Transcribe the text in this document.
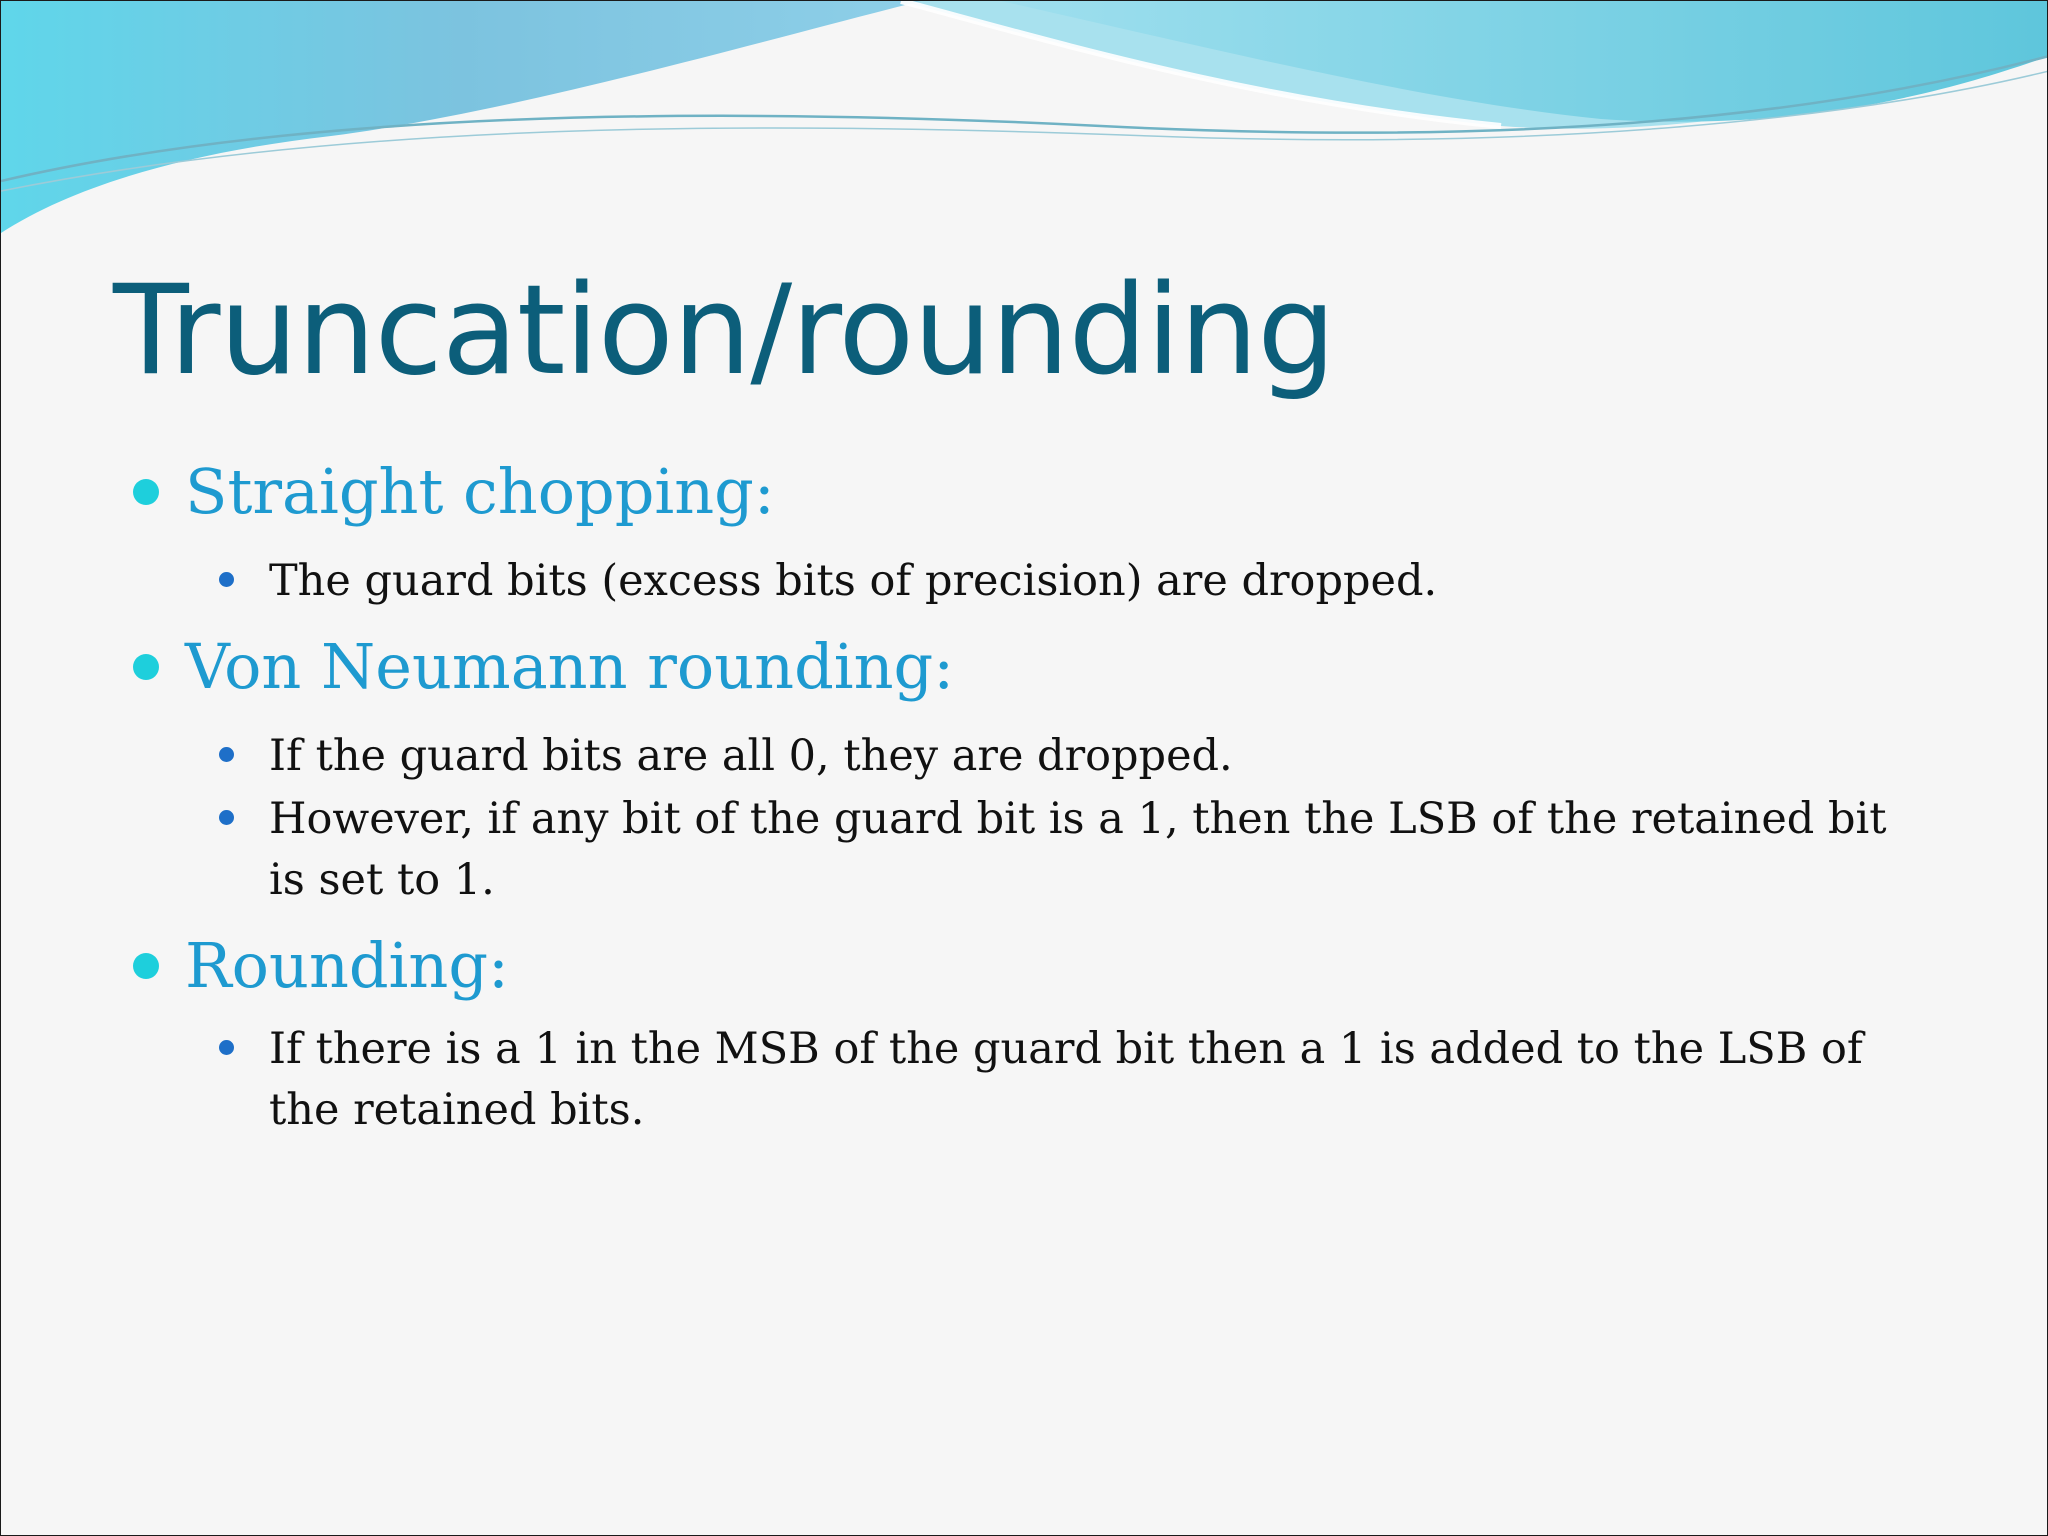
Truncation/rounding
Straight chopping:
The guard bits (excess bits of precision) are dropped.
Von Neumann rounding:
If the guard bits are all 0, they are dropped.
However, if any bit of the guard bit is a 1, then the LSB of the retained bit is set to 1.
Rounding:
If there is a 1 in the MSB of the guard bit then a 1 is added to the LSB of the retained bits.
